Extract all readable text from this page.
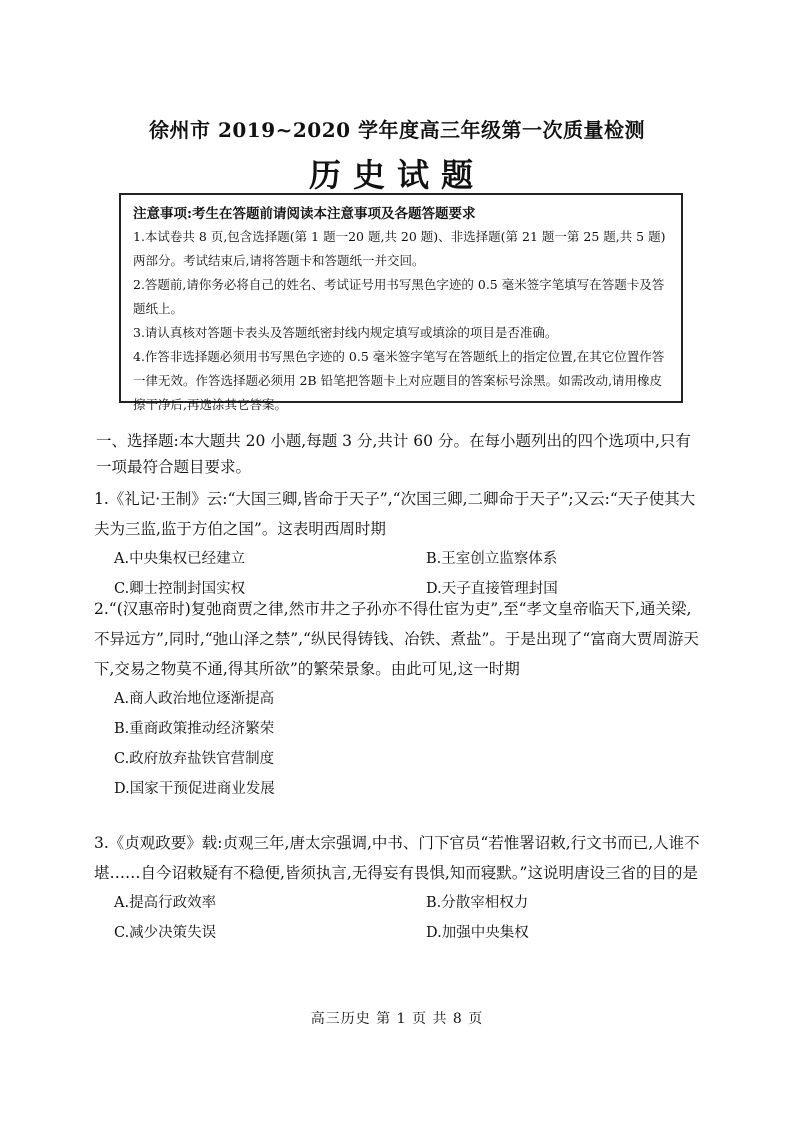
徐州市 2019~2020 学年度高三年级第一次质量检测
历史试题
注意事项:考生在答题前请阅读本注意事项及各题答题要求

1.本试卷共 8 页,包含选择题(第 1 题一20 题,共 20 题)、非选择题(第 21 题一第 25 题,共 5 题)两部分。考试结束后,请将答题卡和答题纸一并交回。

2.答题前,请你务必将自己的姓名、考试证号用书写黑色字迹的 0.5 毫米签字笔填写在答题卡及答题纸上。

3.请认真核对答题卡表头及答题纸密封线内规定填写或填涂的项目是否准确。

4.作答非选择题必须用书写黑色字迹的 0.5 毫米签字笔写在答题纸上的指定位置,在其它位置作答一律无效。作答选择题必须用 2B 铅笔把答题卡上对应题目的答案标号涂黑。如需改动,请用橡皮擦干净后,再选涂其它答案。

一、选择题:本大题共 20 小题,每题 3 分,共计 60 分。在每小题列出的四个选项中,只有一项最符合题目要求。

1.《礼记·王制》云:“大国三卿,皆命于天子”,“次国三卿,二卿命于天子”;又云:“天子使其大夫为三监,监于方伯之国”。这表明西周时期

A.中央集权已经建立	B.王室创立监察体系
C.卿士控制封国实权	D.天子直接管理封国

2.“(汉惠帝时)复弛商贾之律,然市井之子孙亦不得仕宦为吏”,至“孝文皇帝临天下,通关梁,不异远方”,同时,“弛山泽之禁”,“纵民得铸钱、冶铁、煮盐”。于是出现了“富商大贾周游天下,交易之物莫不通,得其所欲”的繁荣景象。由此可见,这一时期

A.商人政治地位逐渐提高
B.重商政策推动经济繁荣
C.政府放弃盐铁官营制度
D.国家干预促进商业发展

3.《贞观政要》载:贞观三年,唐太宗强调,中书、门下官员“若惟署诏敕,行文书而已,人谁不堪……自今诏敕疑有不稳便,皆须执言,无得妄有畏惧,知而寝默。”这说明唐设三省的目的是

A.提高行政效率	B.分散宰相权力
C.减少决策失误	D.加强中央集权
高三历史 第 1 页 共 8 页
